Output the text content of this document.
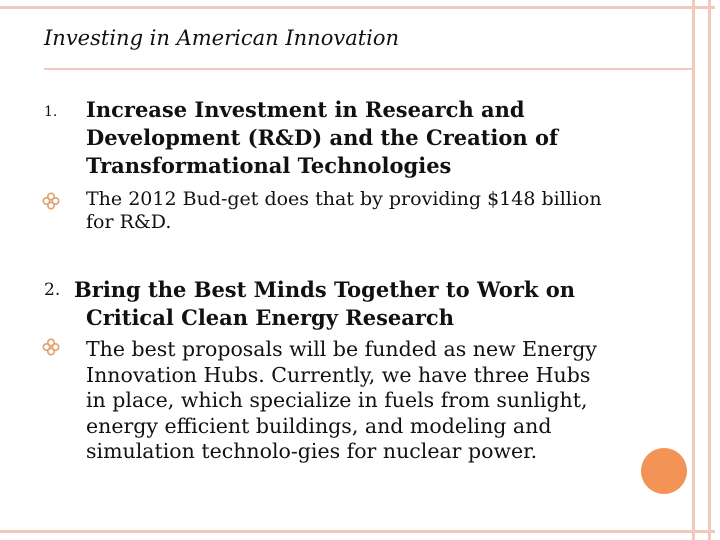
Investing in American Innovation
1. Increase Investment in Research and
Development (R&D) and the Creation of
Transformational Technologies
The 2012 Bud-get does that by providing $148 billion
for R&D.
2. Bring the Best Minds Together to Work on
Critical Clean Energy Research
The best proposals will be funded as new Energy
Innovation Hubs. Currently, we have three Hubs
in place, which specialize in fuels from sunlight,
energy efficient buildings, and modeling and
simulation technolo-gies for nuclear power.
